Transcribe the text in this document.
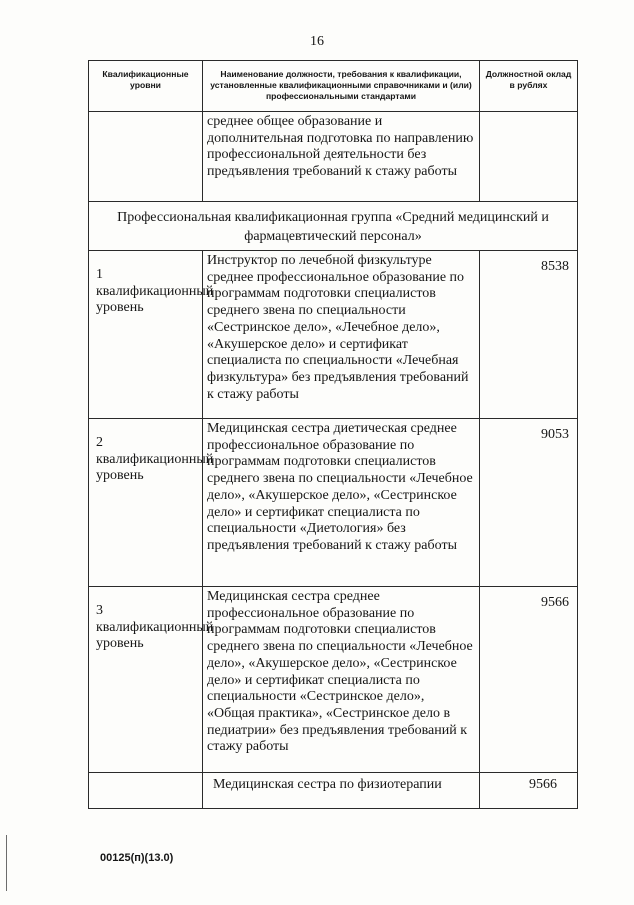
16
Квалификационные уровни	Наименование должности, требования к квалификации, установленные квалификационными справочниками и (или) профессиональными стандартами	Должностной оклад в рублях

	среднее общее образование и дополнительная подготовка по направлению профессиональной деятельности без предъявления требований к стажу работы	

Профессиональная квалификационная группа «Средний медицинский и фармацевтический персонал»		

1 квалификационный уровень	Инструктор по лечебной физкультуре среднее профессиональное образование по программам подготовки специалистов среднего звена по специальности «Сестринское дело», «Лечебное дело», «Акушерское дело» и сертификат специалиста по специальности «Лечебная физкультура» без предъявления требований к стажу работы	8538

2 квалификационный уровень	Медицинская сестра диетическая среднее профессиональное образование по программам подготовки специалистов среднего звена по специальности «Лечебное дело», «Акушерское дело», «Сестринское дело» и сертификат специалиста по специальности «Диетология» без предъявления требований к стажу работы	9053

3 квалификационный уровень	Медицинская сестра среднее профессиональное образование по программам подготовки специалистов среднего звена по специальности «Лечебное дело», «Акушерское дело», «Сестринское дело» и сертификат специалиста по специальности «Сестринское дело», «Общая практика», «Сестринское дело в педиатрии» без предъявления требований к стажу работы	9566

	Медицинская сестра по физиотерапии	9566
00125(п)(13.0)
